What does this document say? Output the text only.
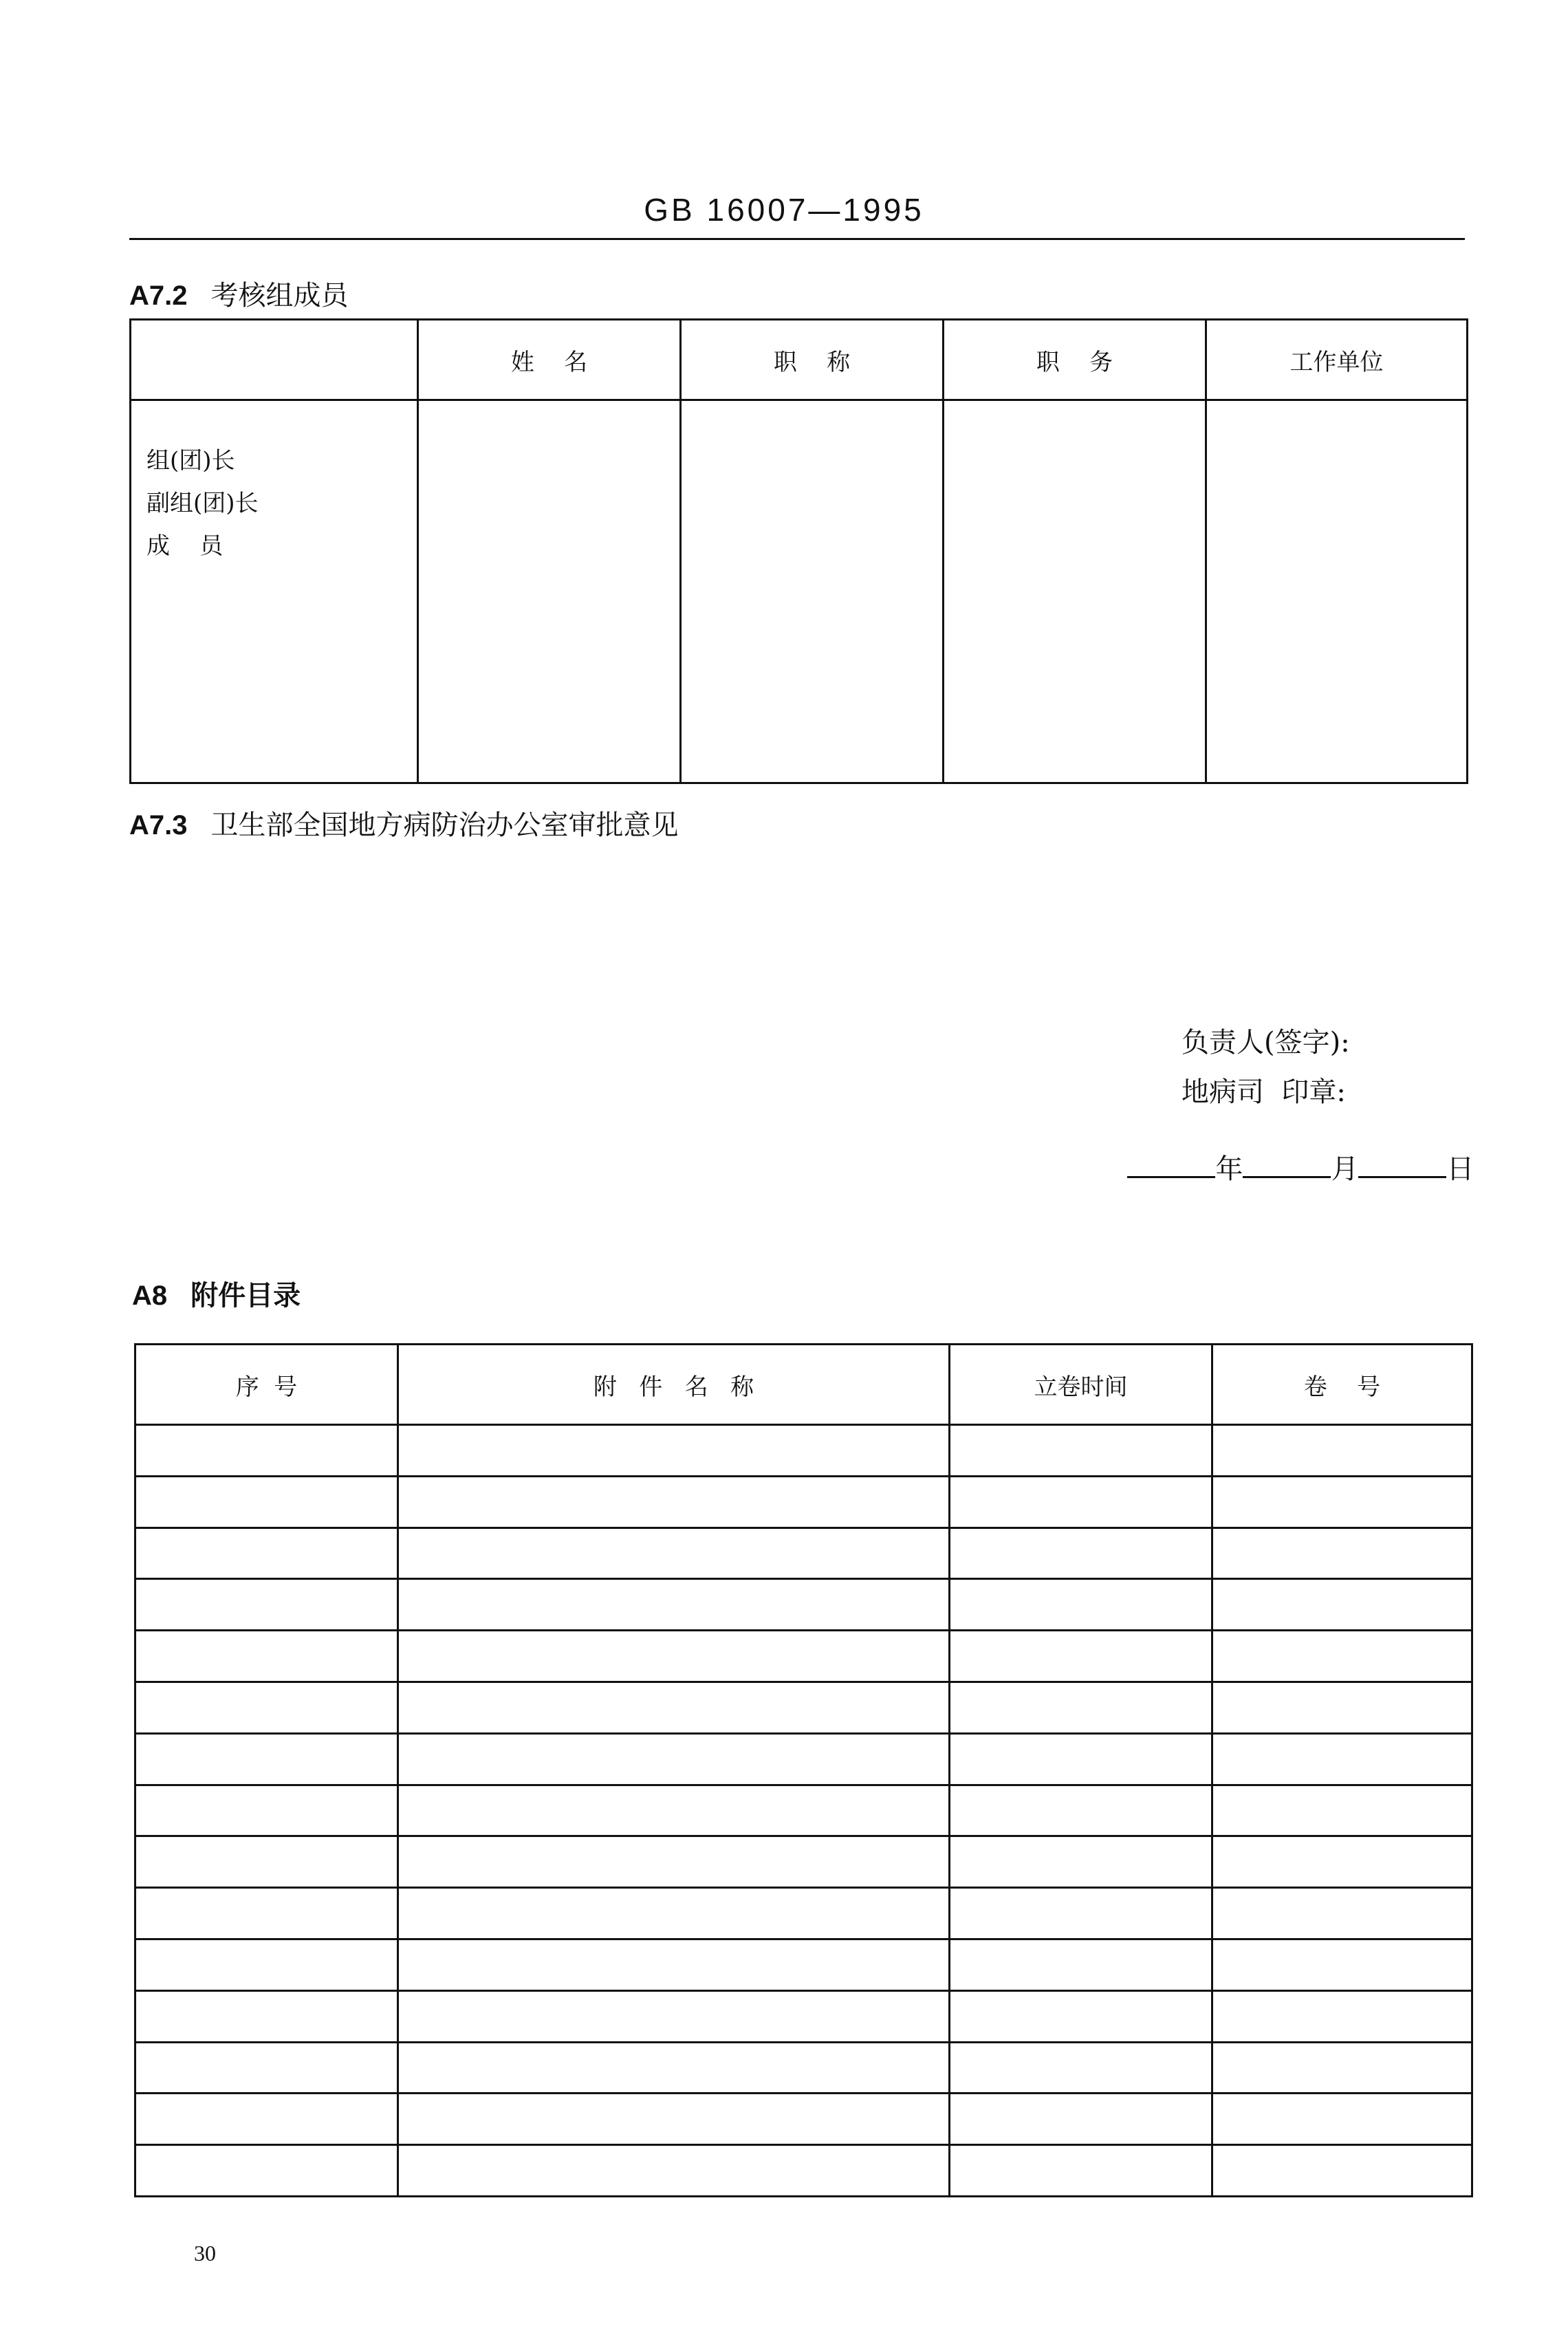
GB 16007—1995
A7.2 考核组成员
	姓    名	职    称	职    务	工作单位

组(团)长
副组(团)长
成    员				

A7.3 卫生部全国地方病防治办公室审批意见
负责人(签字):
地病司  印章:

年	月	日

A8 附件目录
序  号	附   件   名   称	立卷时间	卷    号

30
